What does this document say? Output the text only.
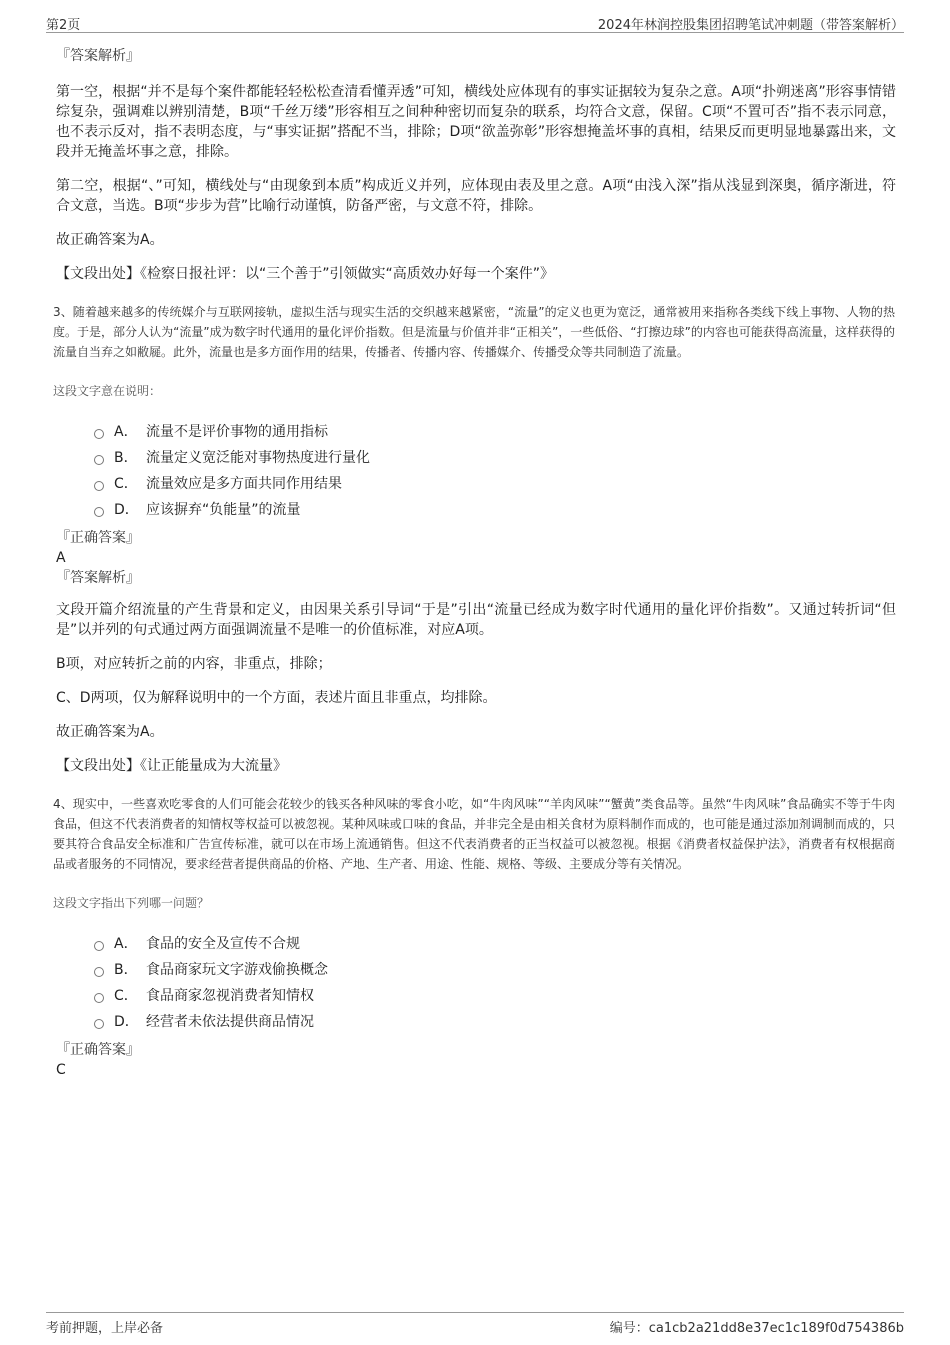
第2页	2024年林润控股集团招聘笔试冲刺题（带答案解析）
『答案解析』

第一空，根据“并不是每个案件都能轻轻松松查清看懂弄透”可知，横线处应体现有的事实证据较为复杂之意。A项“扑朔迷离”形容事情错综复杂，强调难以辨别清楚，B项“千丝万缕”形容相互之间种种密切而复杂的联系，均符合文意，保留。C项“不置可否”指不表示同意，也不表示反对，指不表明态度，与“事实证据”搭配不当，排除；D项“欲盖弥彰”形容想掩盖坏事的真相，结果反而更明显地暴露出来，文段并无掩盖坏事之意，排除。

第二空，根据“、”可知，横线处与“由现象到本质”构成近义并列，应体现由表及里之意。A项“由浅入深”指从浅显到深奥，循序渐进，符合文意，当选。B项“步步为营”比喻行动谨慎，防备严密，与文意不符，排除。

故正确答案为A。

【文段出处】《检察日报社评：以“三个善于”引领做实“高质效办好每一个案件”》
3、随着越来越多的传统媒介与互联网接轨，虚拟生活与现实生活的交织越来越紧密，“流量”的定义也更为宽泛，通常被用来指称各类线下线上事物、人物的热度。于是，部分人认为“流量”成为数字时代通用的量化评价指数。但是流量与价值并非“正相关”，一些低俗、“打擦边球”的内容也可能获得高流量，这样获得的流量自当弃之如敝屣。此外，流量也是多方面作用的结果，传播者、传播内容、传播媒介、传播受众等共同制造了流量。
这段文字意在说明：
A． 流量不是评价事物的通用指标
B． 流量定义宽泛能对事物热度进行量化
C． 流量效应是多方面共同作用结果
D． 应该摒弃“负能量”的流量
『正确答案』
A
『答案解析』

文段开篇介绍流量的产生背景和定义，由因果关系引导词“于是”引出“流量已经成为数字时代通用的量化评价指数”。又通过转折词“但是”以并列的句式通过两方面强调流量不是唯一的价值标准，对应A项。

B项，对应转折之前的内容，非重点，排除；

C、D两项，仅为解释说明中的一个方面，表述片面且非重点，均排除。

故正确答案为A。

【文段出处】《让正能量成为大流量》
4、现实中，一些喜欢吃零食的人们可能会花较少的钱买各种风味的零食小吃，如“牛肉风味”“羊肉风味”“蟹黄”类食品等。虽然“牛肉风味”食品确实不等于牛肉食品，但这不代表消费者的知情权等权益可以被忽视。某种风味或口味的食品，并非完全是由相关食材为原料制作而成的，也可能是通过添加剂调制而成的，只要其符合食品安全标准和广告宣传标准，就可以在市场上流通销售。但这不代表消费者的正当权益可以被忽视。根据《消费者权益保护法》，消费者有权根据商品或者服务的不同情况，要求经营者提供商品的价格、产地、生产者、用途、性能、规格、等级、主要成分等有关情况。
这段文字指出下列哪一问题？
A． 食品的安全及宣传不合规
B． 食品商家玩文字游戏偷换概念
C． 食品商家忽视消费者知情权
D． 经营者未依法提供商品情况
『正确答案』
C
考前押题，上岸必备	编号：ca1cb2a21dd8e37ec1c189f0d754386b
